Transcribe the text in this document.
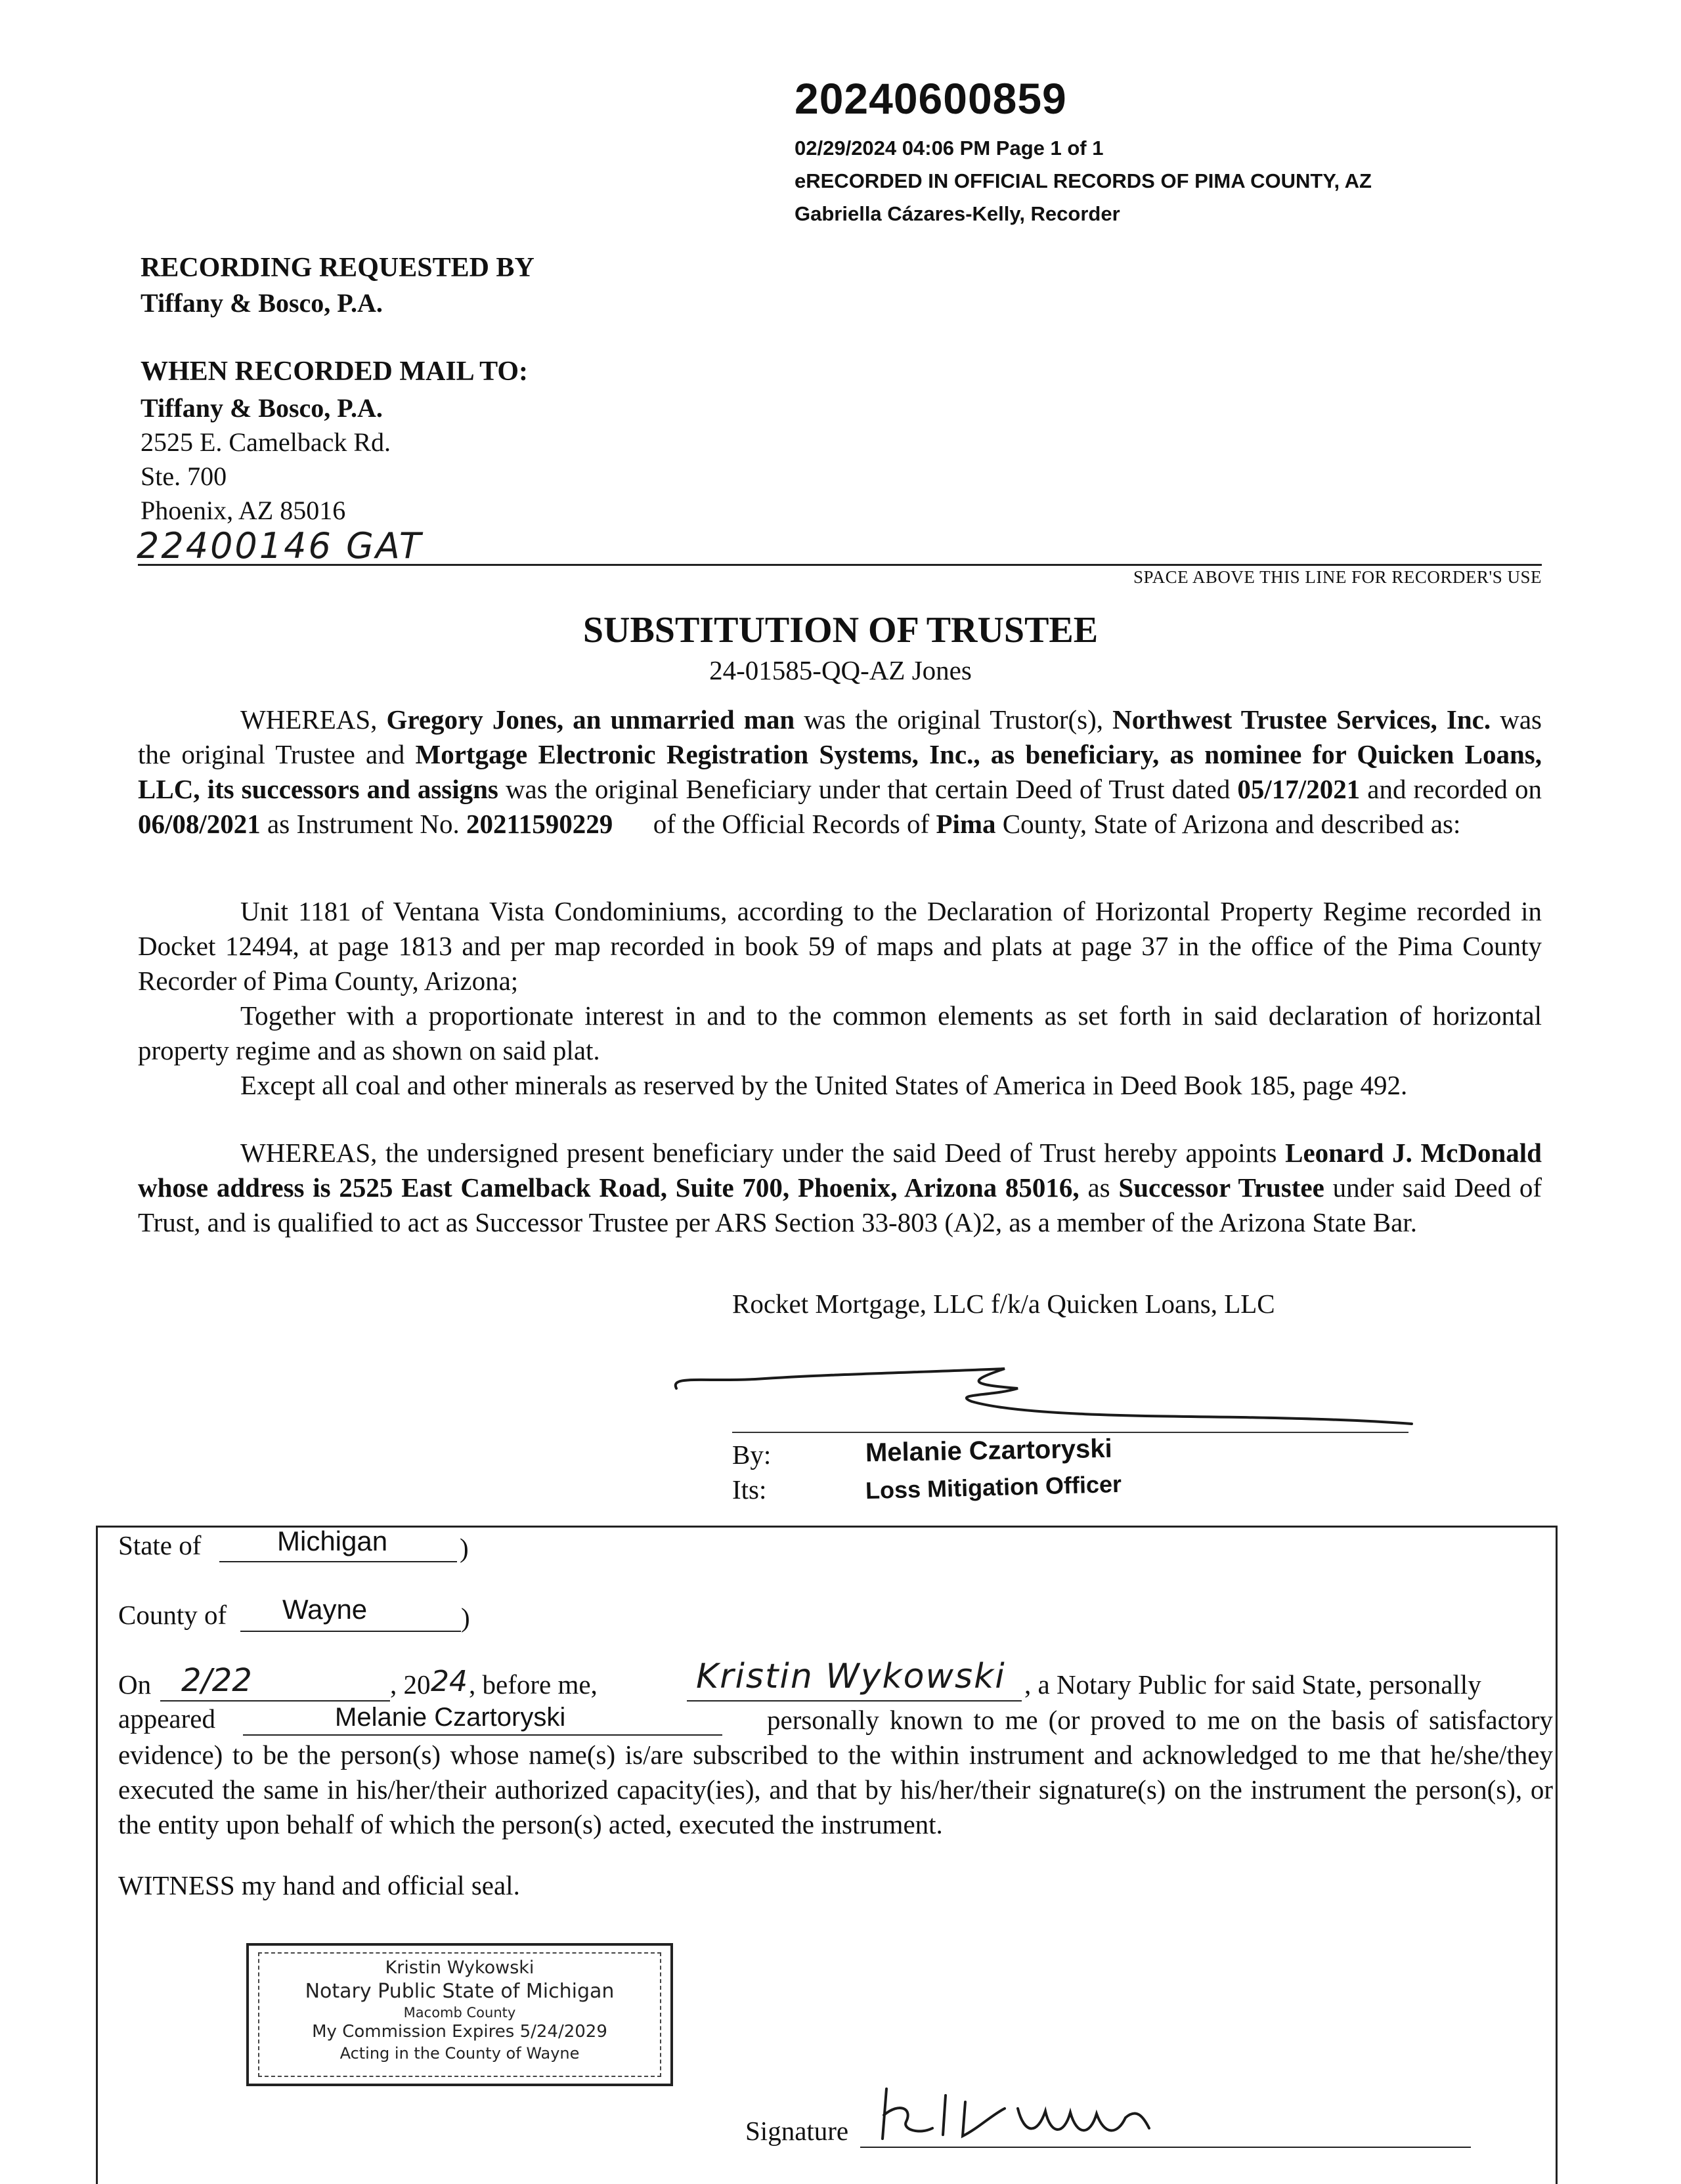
20240600859
02/29/2024 04:06 PM Page 1 of 1
eRECORDED IN OFFICIAL RECORDS OF PIMA COUNTY, AZ
Gabriella Cázares-Kelly, Recorder
RECORDING REQUESTED BY
Tiffany & Bosco, P.A.
WHEN RECORDED MAIL TO:
Tiffany & Bosco, P.A.
2525 E. Camelback Rd.
Ste. 700
Phoenix, AZ 85016
22400146 GAT
SPACE ABOVE THIS LINE FOR RECORDER'S USE
SUBSTITUTION OF TRUSTEE
24-01585-QQ-AZ Jones

WHEREAS, Gregory Jones, an unmarried man was the original Trustor(s), Northwest Trustee Services, Inc. was the original Trustee and Mortgage Electronic Registration Systems, Inc., as beneficiary, as nominee for Quicken Loans, LLC, its successors and assigns was the original Beneficiary under that certain Deed of Trust dated 05/17/2021 and recorded on 06/08/2021 as Instrument No. 20211590229      of the Official Records of Pima County, State of Arizona and described as:

Unit 1181 of Ventana Vista Condominiums, according to the Declaration of Horizontal Property Regime recorded in Docket 12494, at page 1813 and per map recorded in book 59 of maps and plats at page 37 in the office of the Pima County Recorder of Pima County, Arizona;

Together with a proportionate interest in and to the common elements as set forth in said declaration of horizontal property regime and as shown on said plat.

Except all coal and other minerals as reserved by the United States of America in Deed Book 185, page 492.

WHEREAS, the undersigned present beneficiary under the said Deed of Trust hereby appoints Leonard J. McDonald whose address is 2525 East Camelback Road, Suite 700, Phoenix, Arizona 85016, as Successor Trustee under said Deed of Trust, and is qualified to act as Successor Trustee per ARS Section 33-803 (A)2, as a member of the Arizona State Bar.

Rocket Mortgage, LLC f/k/a Quicken Loans, LLC
By:	Melanie Czartoryski
Its:	Loss Mitigation Officer
State of	Michigan	)
County of Wayne	)
On 2/22	, 20 24 , before me,	Kristin Wykowski , a Notary Public for said State, personally
appeared	Melanie Czartoryski	personally known to me (or proved to me on the basis of satisfactory evidence) to be the person(s) whose name(s) is/are subscribed to the within instrument and acknowledged to me that he/she/they executed the same in his/her/their authorized capacity(ies), and that by his/her/their signature(s) on the instrument the person(s), or the entity upon behalf of which the person(s) acted, executed the instrument.

WITNESS my hand and official seal.
Kristin Wykowski
Notary Public State of Michigan
Macomb County
My Commission Expires 5/24/2029
Acting in the County of Wayne
Signature
